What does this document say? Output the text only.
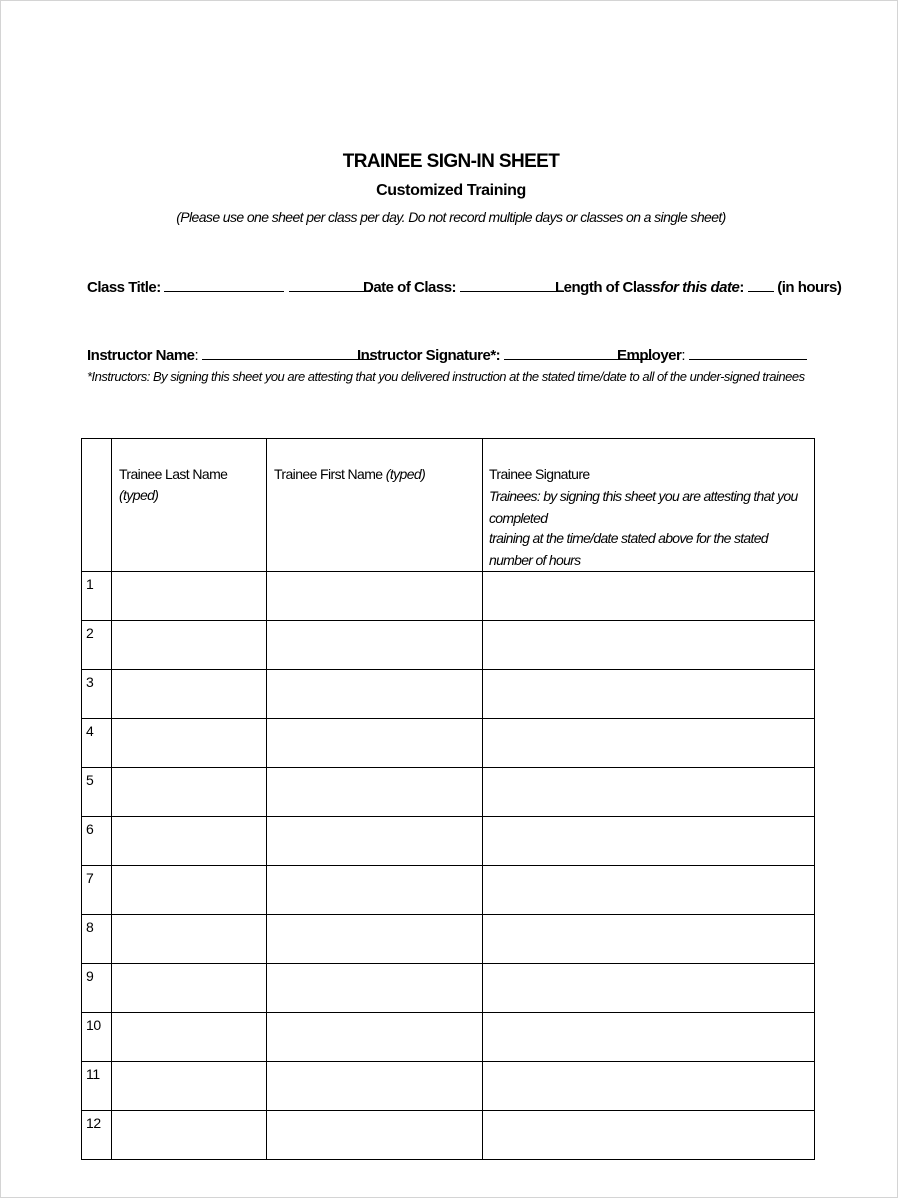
TRAINEE SIGN-IN SHEET
Customized Training
(Please use one sheet per class per day. Do not record multiple days or classes on a single sheet)
Class Title:	Date of Class:	Length of Classfor this date: (in hours)
Instructor Name:	Instructor Signature*:	Employer:
*Instructors: By signing this sheet you are attesting that you delivered instruction at the stated time/date to all of the under-signed trainees

	Trainee Last Name (typed)	Trainee First Name (typed)	Trainee Signature
Trainees: by signing this sheet you are attesting that you completed
training at the time/date stated above for the stated number of hours

1			
2			
3			
4			
5			
6			
7			
8			
9			
10			
11			
12			
